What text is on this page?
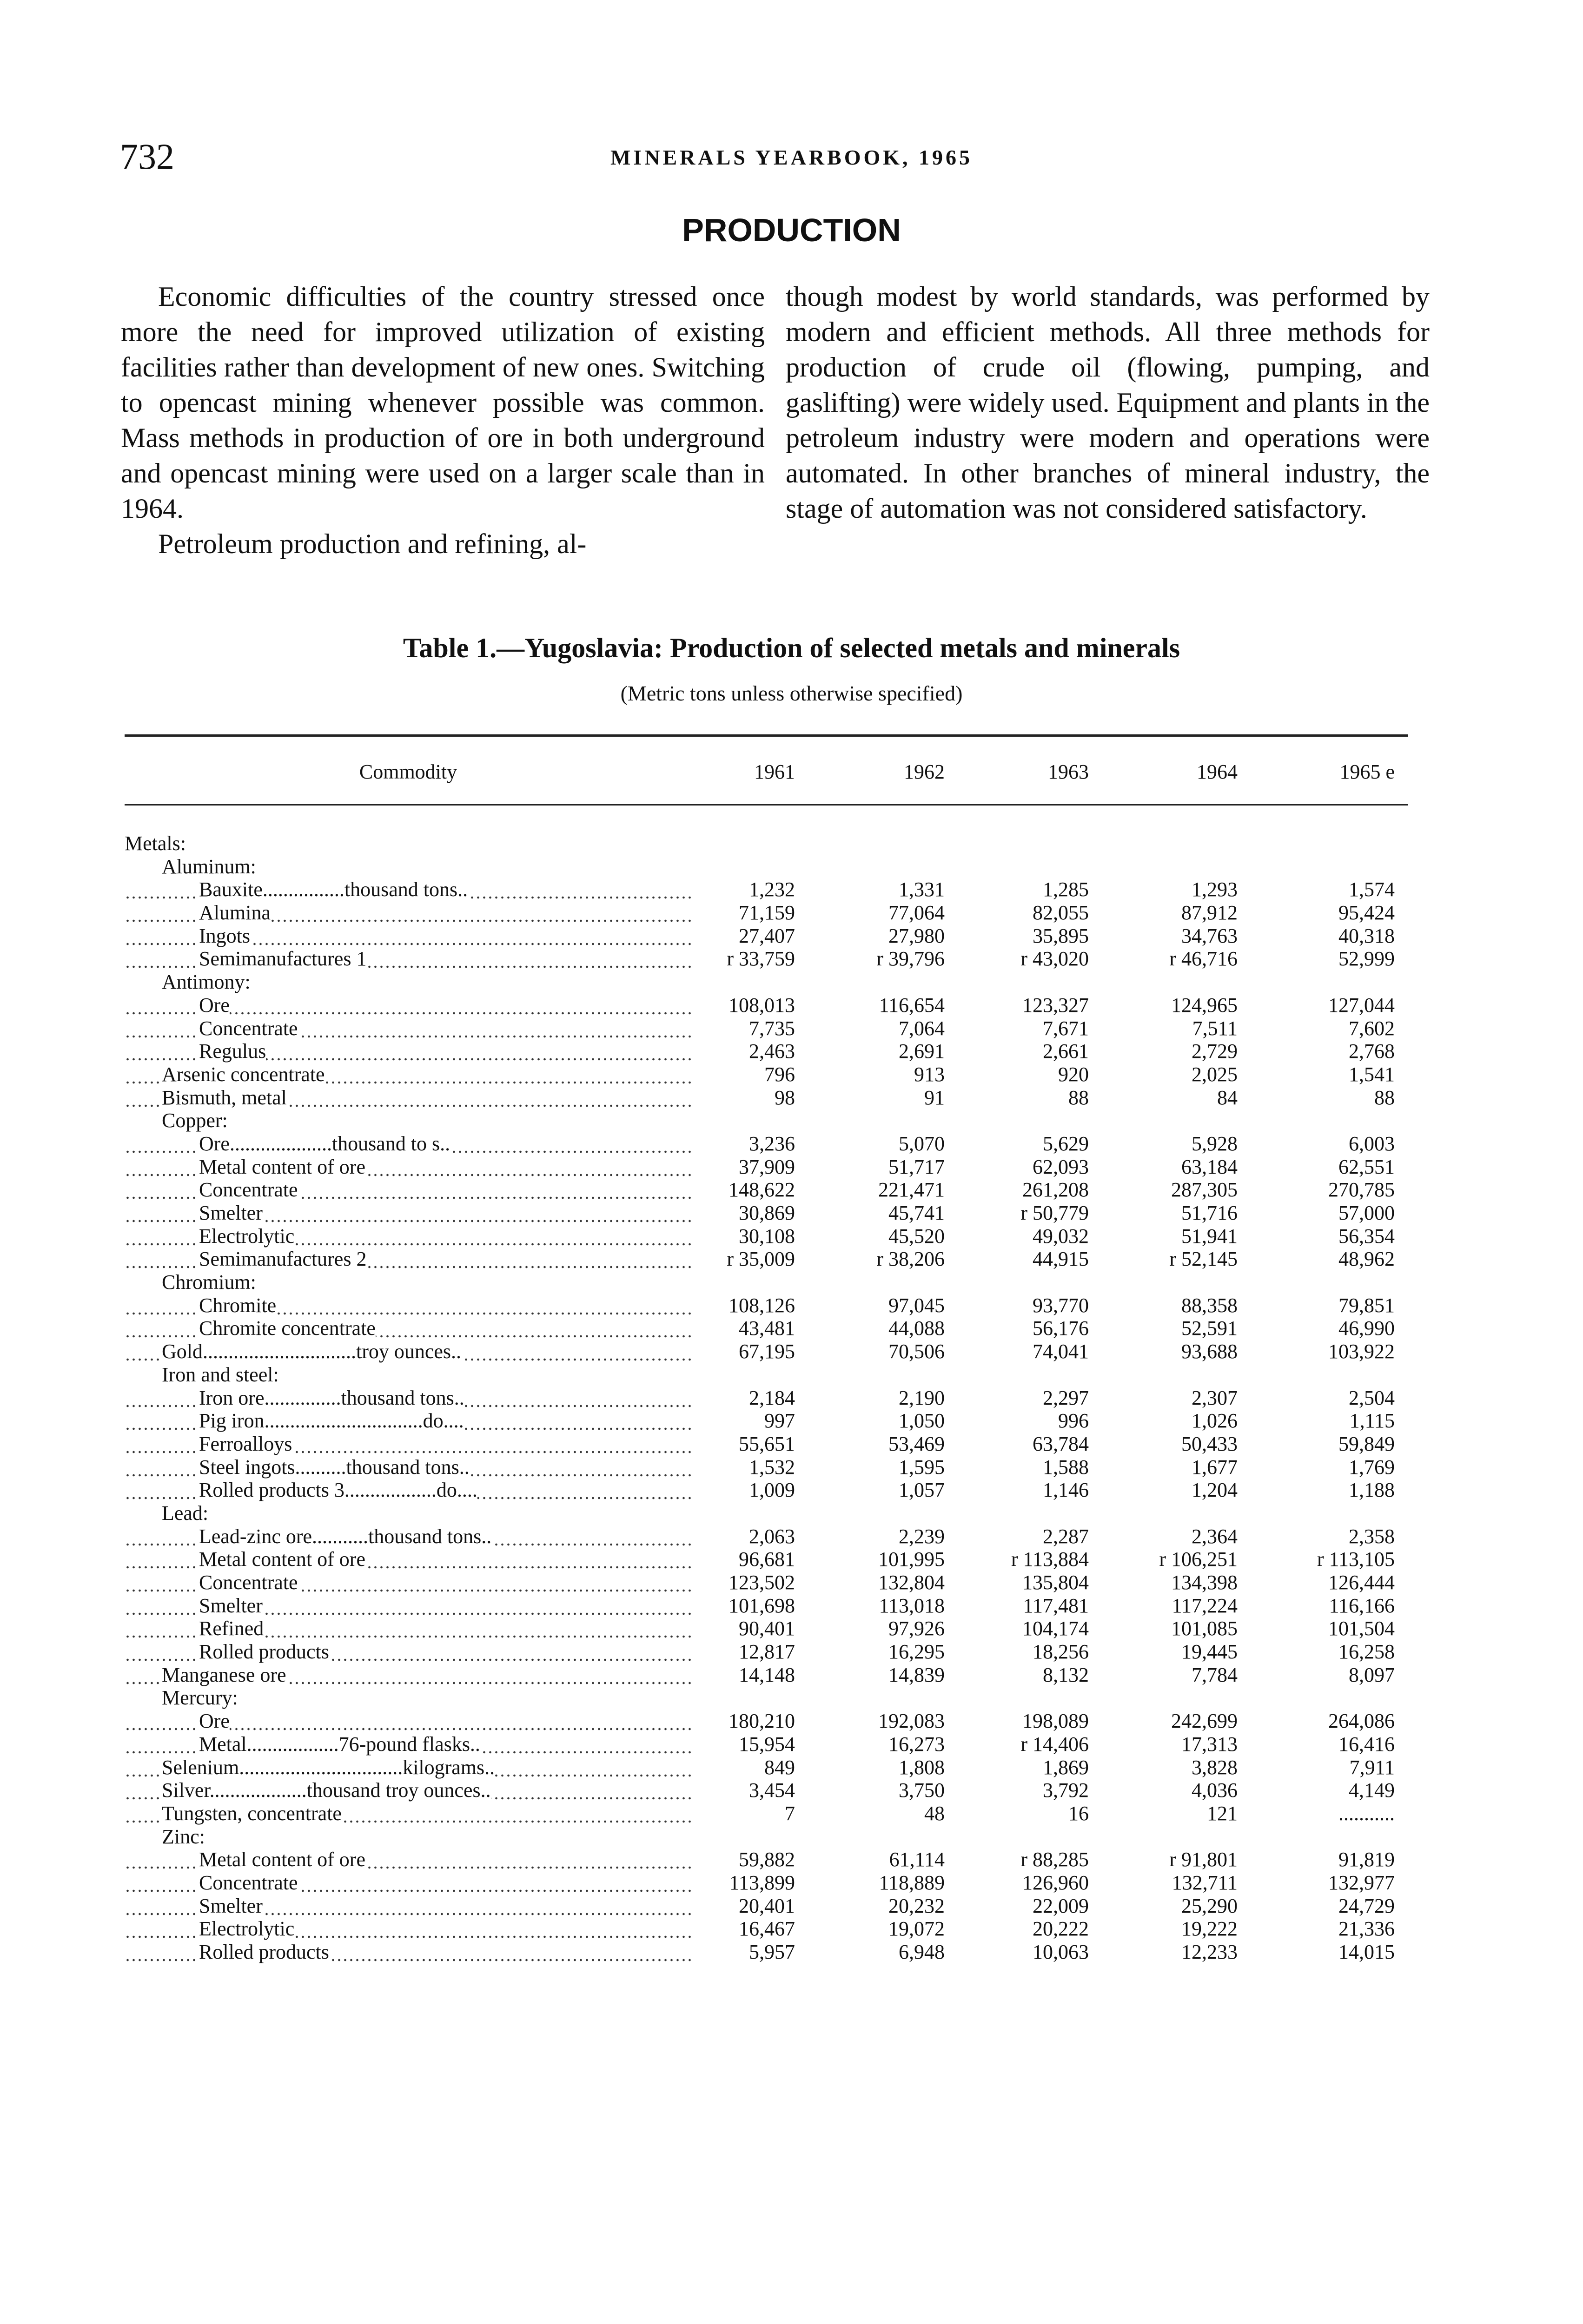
732	MINERALS YEARBOOK, 1965
PRODUCTION

Economic difficulties of the country stressed once more the need for improved utilization of existing facilities rather than development of new ones. Switching to opencast mining whenever possible was common. Mass methods in production of ore in both underground and opencast mining were used on a larger scale than in 1964.

Petroleum production and refining, al-

though modest by world standards, was performed by modern and efficient methods. All three methods for production of crude oil (flowing, pumping, and gaslifting) were widely used. Equipment and plants in the petroleum industry were modern and operations were automated. In other branches of mineral industry, the stage of automation was not considered satisfactory.

Table 1.—Yugoslavia: Production of selected metals and minerals
(Metric tons unless otherwise specified)
Commodity	1961	1962	1963	1964	1965 e
Metals:
Aluminum:
Bauxite................thousand tons..	1,232	1,331	1,285	1,293	1,574
Alumina	71,159	77,064	82,055	87,912	95,424
Ingots	27,407	27,980	35,895	34,763	40,318
Semimanufactures 1	r 33,759	r 39,796	r 43,020	r 46,716	52,999
Antimony:
Ore	108,013	116,654	123,327	124,965	127,044
Concentrate	7,735	7,064	7,671	7,511	7,602
Regulus	2,463	2,691	2,661	2,729	2,768
Arsenic concentrate	796	913	920	2,025	1,541
Bismuth, metal	98	91	88	84	88
Copper:
Ore....................thousand to s..	3,236	5,070	5,629	5,928	6,003
Metal content of ore	37,909	51,717	62,093	63,184	62,551
Concentrate	148,622	221,471	261,208	287,305	270,785
Smelter	30,869	45,741	r 50,779	51,716	57,000
Electrolytic	30,108	45,520	49,032	51,941	56,354
Semimanufactures 2	r 35,009	r 38,206	44,915	r 52,145	48,962
Chromium:
Chromite	108,126	97,045	93,770	88,358	79,851
Chromite concentrate	43,481	44,088	56,176	52,591	46,990
Gold..............................troy ounces..	67,195	70,506	74,041	93,688	103,922
Iron and steel:
Iron ore...............thousand tons..	2,184	2,190	2,297	2,307	2,504
Pig iron...............................do....	997	1,050	996	1,026	1,115
Ferroalloys	55,651	53,469	63,784	50,433	59,849
Steel ingots..........thousand tons..	1,532	1,595	1,588	1,677	1,769
Rolled products 3..................do....	1,009	1,057	1,146	1,204	1,188
Lead:
Lead-zinc ore...........thousand tons..	2,063	2,239	2,287	2,364	2,358
Metal content of ore	96,681	101,995	r 113,884	r 106,251	r 113,105
Concentrate	123,502	132,804	135,804	134,398	126,444
Smelter	101,698	113,018	117,481	117,224	116,166
Refined	90,401	97,926	104,174	101,085	101,504
Rolled products	12,817	16,295	18,256	19,445	16,258
Manganese ore	14,148	14,839	8,132	7,784	8,097
Mercury:
Ore	180,210	192,083	198,089	242,699	264,086
Metal..................76-pound flasks..	15,954	16,273	r 14,406	17,313	16,416
Selenium................................kilograms..	849	1,808	1,869	3,828	7,911
Silver...................thousand troy ounces..	3,454	3,750	3,792	4,036	4,149
Tungsten, concentrate	7	48	16	121	...........
Zinc:
Metal content of ore	59,882	61,114	r 88,285	r 91,801	91,819
Concentrate	113,899	118,889	126,960	132,711	132,977
Smelter	20,401	20,232	22,009	25,290	24,729
Electrolytic	16,467	19,072	20,222	19,222	21,336
Rolled products	5,957	6,948	10,063	12,233	14,015
